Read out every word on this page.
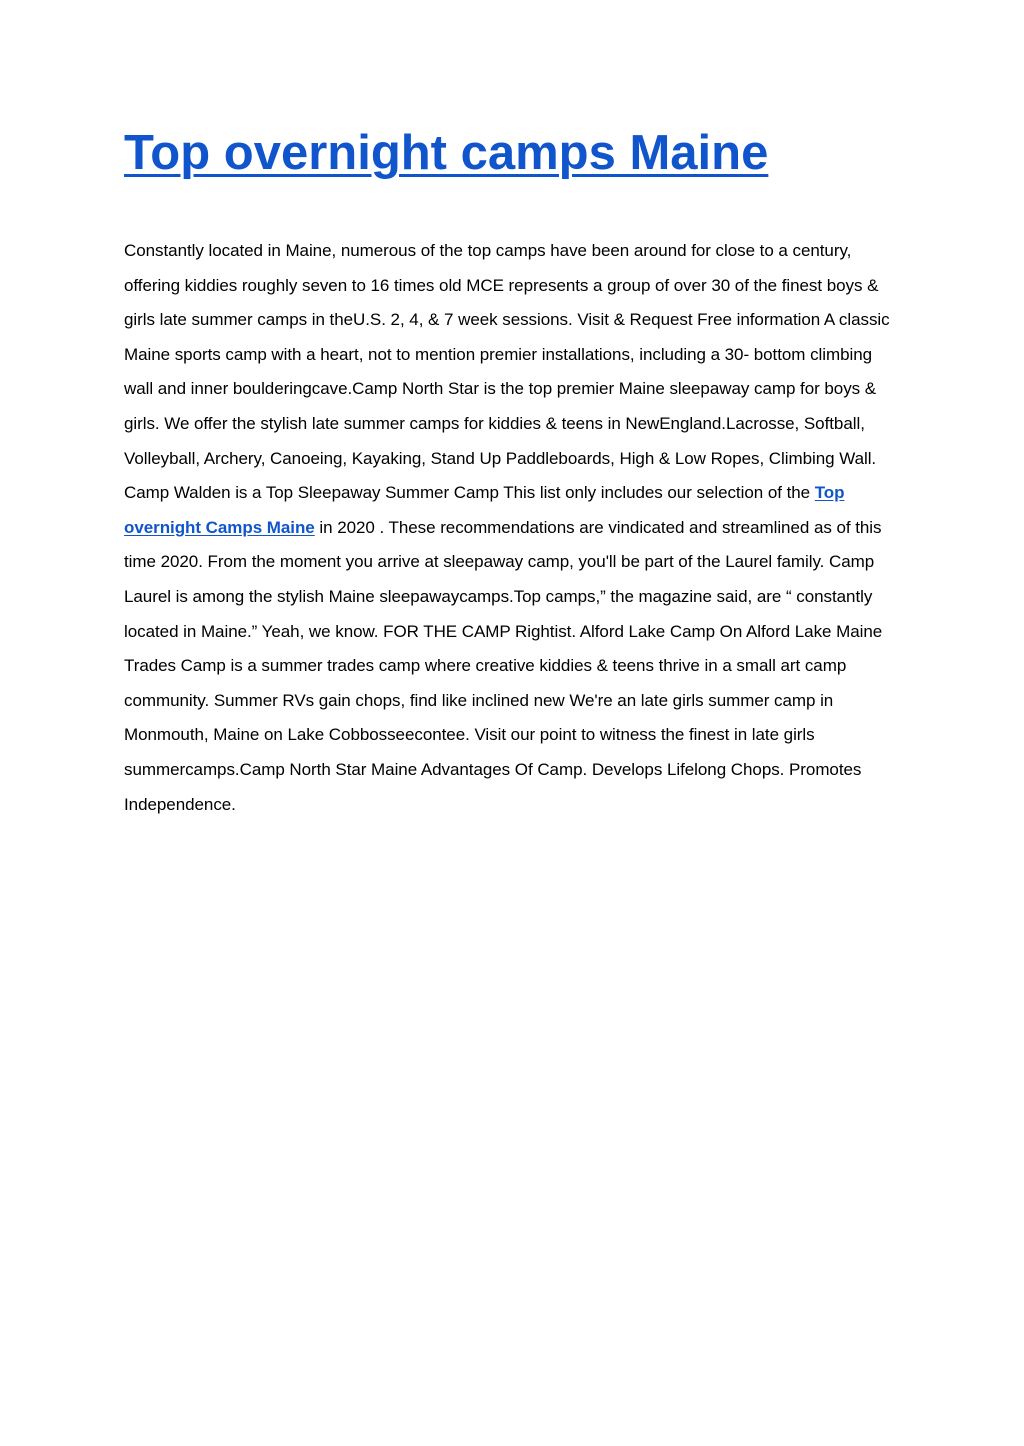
Top overnight camps Maine

Constantly located in Maine, numerous of the top camps have been around for close to a century, offering kiddies roughly seven to 16 times old MCE represents a group of over 30 of the finest boys & girls late summer camps in theU.S. 2, 4, & 7 week sessions. Visit & Request Free information A classic Maine sports camp with a heart, not to mention premier installations, including a 30- bottom climbing wall and inner boulderingcave.Camp North Star is the top premier Maine sleepaway camp for boys & girls. We offer the stylish late summer camps for kiddies & teens in NewEngland.Lacrosse, Softball, Volleyball, Archery, Canoeing, Kayaking, Stand Up Paddleboards, High & Low Ropes, Climbing Wall. Camp Walden is a Top Sleepaway Summer Camp This list only includes our selection of the Top overnight Camps Maine in 2020 . These recommendations are vindicated and streamlined as of this time 2020. From the moment you arrive at sleepaway camp, you'll be part of the Laurel family. Camp Laurel is among the stylish Maine sleepawaycamps.Top camps,” the magazine said, are “ constantly located in Maine.” Yeah, we know. FOR THE CAMP Rightist. Alford Lake Camp On Alford Lake Maine Trades Camp is a summer trades camp where creative kiddies & teens thrive in a small art camp community. Summer RVs gain chops, find like inclined new We're an late girls summer camp in Monmouth, Maine on Lake Cobbosseecontee. Visit our point to witness the finest in late girls summercamps.Camp North Star Maine Advantages Of Camp. Develops Lifelong Chops. Promotes Independence.
